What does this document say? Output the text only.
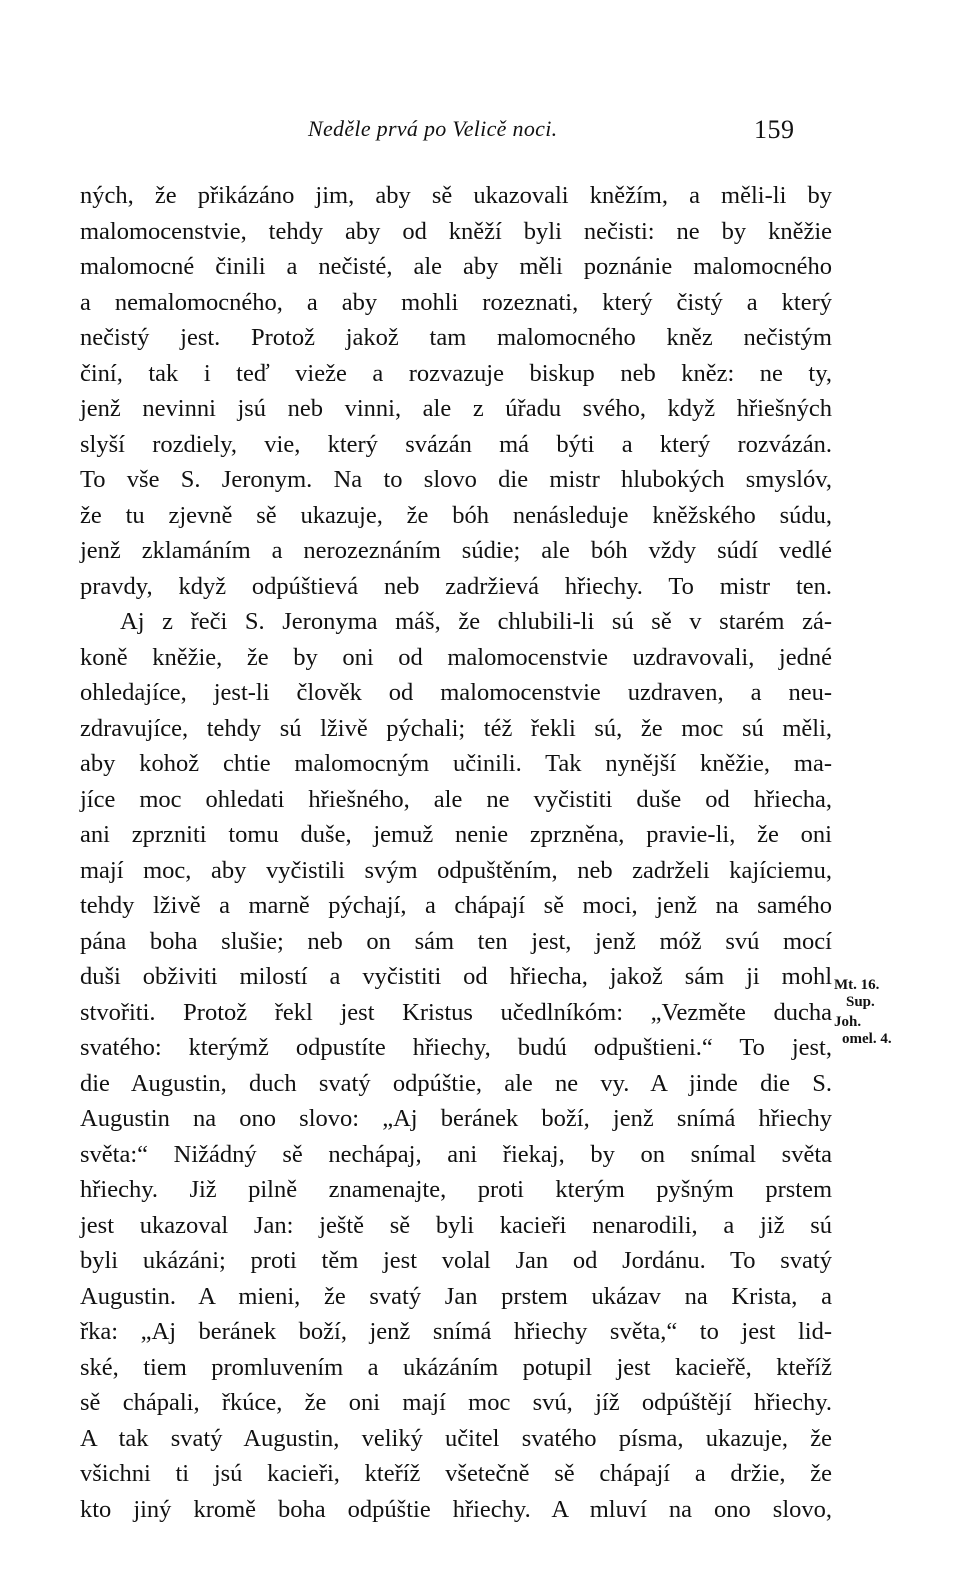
Neděle prvá po Velicě noci.	159
ných, že přikázáno jim, aby sě ukazovali kněžím, a měli-li by
malomocenstvie, tehdy aby od kněží byli nečisti: ne by kněžie
malomocné činili a nečisté, ale aby měli poznánie malomocného
a nemalomocného, a aby mohli rozeznati, který čistý a který
nečistý jest. Protož jakož tam malomocného kněz nečistým
činí, tak i teď vieže a rozvazuje biskup neb kněz: ne ty,
jenž nevinni jsú neb vinni, ale z úřadu svého, když hřiešných
slyší rozdiely, vie, který svázán má býti a který rozvázán.
To vše S. Jeronym. Na to slovo die mistr hlubokých smyslóv,
že tu zjevně sě ukazuje, že bóh nenásleduje kněžského súdu,
jenž zklamáním a nerozeznáním súdie; ale bóh vždy súdí vedlé
pravdy, když odpúštievá neb zadržievá hřiechy. To mistr ten.
Aj z řeči S. Jeronyma máš, že chlubili-li sú sě v starém zá-
koně kněžie, že by oni od malomocenstvie uzdravovali, jedné
ohledajíce, jest-li člověk od malomocenstvie uzdraven, a neu-
zdravujíce, tehdy sú lživě pýchali; též řekli sú, že moc sú měli,
aby kohož chtie malomocným učinili. Tak nynější kněžie, ma-
jíce moc ohledati hřiešného, ale ne vyčistiti duše od hřiecha,
ani zprzniti tomu duše, jemuž nenie zprzněna, pravie-li, že oni
mají moc, aby vyčistili svým odpuštěním, neb zadrželi kajíciemu,
tehdy lživě a marně pýchají, a chápají sě moci, jenž na samého
pána boha slušie; neb on sám ten jest, jenž móž svú mocí
duši obživiti milostí a vyčistiti od hřiecha, jakož sám ji mohl
stvořiti. Protož řekl jest Kristus učedlníkóm: „Vezměte ducha
svatého: kterýmž odpustíte hřiechy, budú odpuštieni.“ To jest,
die Augustin, duch svatý odpúštie, ale ne vy. A jinde die S.
Augustin na ono slovo: „Aj beránek boží, jenž snímá hřiechy
světa:“ Nižádný sě nechápaj, ani řiekaj, by on snímal světa
hřiechy. Již pilně znamenajte, proti kterým pyšným prstem
jest ukazoval Jan: ještě sě byli kacieři nenarodili, a již sú
byli ukázáni; proti těm jest volal Jan od Jordánu. To svatý
Augustin. A mieni, že svatý Jan prstem ukázav na Krista, a
řka: „Aj beránek boží, jenž snímá hřiechy světa,“ to jest lid-
ské, tiem promluvením a ukázáním potupil jest kacieřě, kteříž
sě chápali, řkúce, že oni mají moc svú, jíž odpúštějí hřiechy.
A tak svatý Augustin, veliký učitel svatého písma, ukazuje, že
všichni ti jsú kacieři, kteříž všetečně sě chápají a držie, že
kto jiný kromě boha odpúštie hřiechy. A mluví na ono slovo,
Mt. 16.
Sup.
Joh.
omel. 4.
